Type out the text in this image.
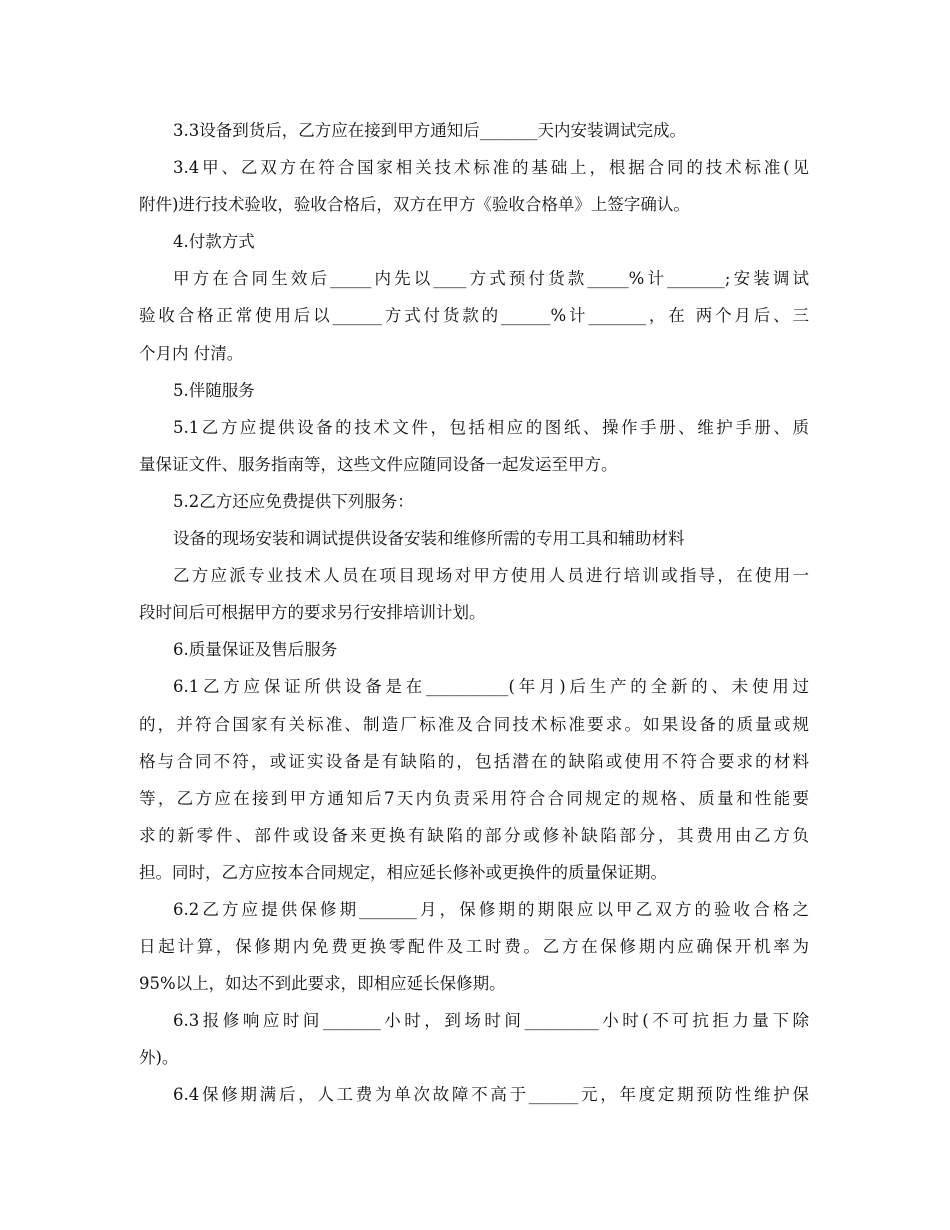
3.3设备到货后，乙方应在接到甲方通知后_______天内安装调试完成。
3.4甲、乙双方在符合国家相关技术标准的基础上，根据合同的技术标准(见
附件)进行技术验收，验收合格后，双方在甲方《验收合格单》上签字确认。
4.付款方式
甲方在合同生效后_____内先以____方式预付货款_____%计_______;安装调试
验收合格正常使用后以______方式付货款的______%计_______，在 两个月后、三
个月内 付清。
5.伴随服务
5.1乙方应提供设备的技术文件，包括相应的图纸、操作手册、维护手册、质
量保证文件、服务指南等，这些文件应随同设备一起发运至甲方。
5.2乙方还应免费提供下列服务：
设备的现场安装和调试提供设备安装和维修所需的专用工具和辅助材料
乙方应派专业技术人员在项目现场对甲方使用人员进行培训或指导，在使用一
段时间后可根据甲方的要求另行安排培训计划。
6.质量保证及售后服务
6.1乙方应保证所供设备是在__________(年月)后生产的全新的、未使用过
的，并符合国家有关标准、制造厂标准及合同技术标准要求。如果设备的质量或规
格与合同不符，或证实设备是有缺陷的，包括潜在的缺陷或使用不符合要求的材料
等，乙方应在接到甲方通知后7天内负责采用符合合同规定的规格、质量和性能要
求的新零件、部件或设备来更换有缺陷的部分或修补缺陷部分，其费用由乙方负
担。同时，乙方应按本合同规定，相应延长修补或更换件的质量保证期。
6.2乙方应提供保修期_______月，保修期的期限应以甲乙双方的验收合格之
日起计算，保修期内免费更换零配件及工时费。乙方在保修期内应确保开机率为
95%以上，如达不到此要求，即相应延长保修期。
6.3报修响应时间_______小时，到场时间_________小时(不可抗拒力量下除
外)。
6.4保修期满后，人工费为单次故障不高于______元，年度定期预防性维护保
